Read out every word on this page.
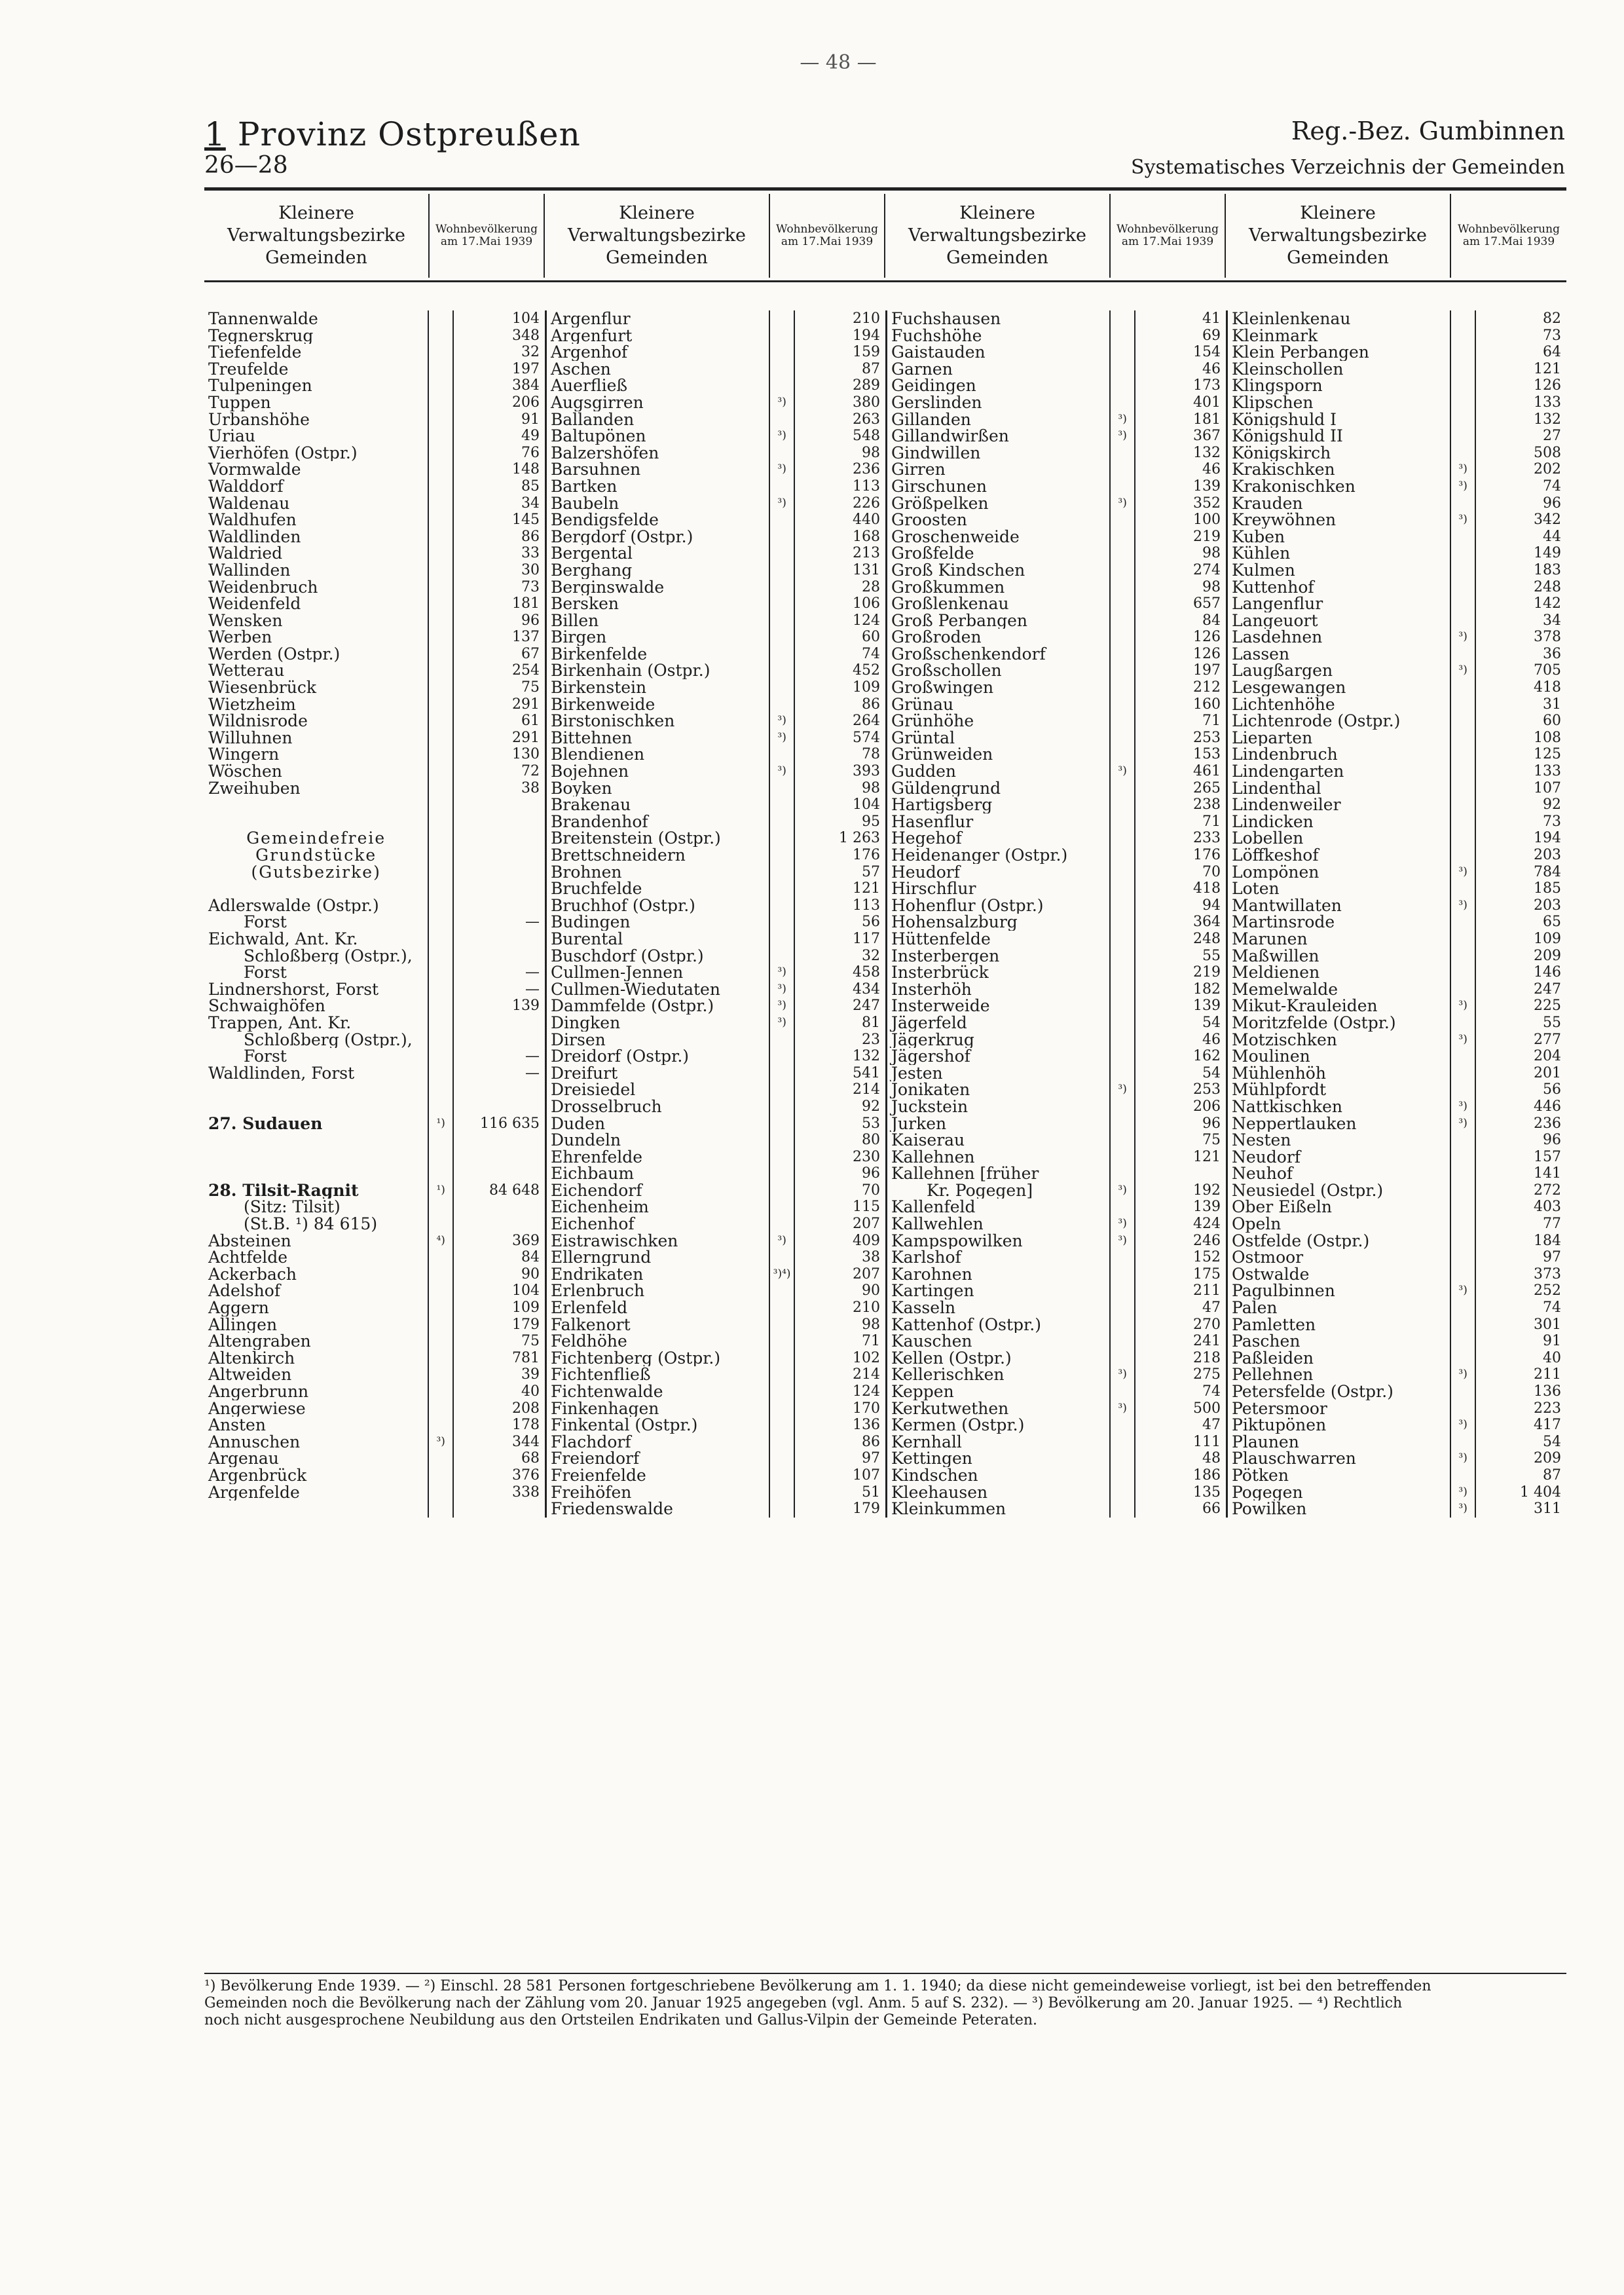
— 48 —
1 Provinz Ostpreußen	Reg.-Bez. Gumbinnen
26—28	Systematisches Verzeichnis der Gemeinden
Kleinere Verwaltungsbezirke Gemeinden
Wohnbevölkerung am 17.Mai 1939
Kleinere Verwaltungsbezirke Gemeinden
Wohnbevölkerung am 17.Mai 1939
Kleinere Verwaltungsbezirke Gemeinden
Wohnbevölkerung am 17.Mai 1939
Kleinere Verwaltungsbezirke Gemeinden
Wohnbevölkerung am 17.Mai 1939
Tannenwalde
Tegnerskrug
Tiefenfelde
Treufelde
Tulpeningen
Tuppen
Urbanshöhe
Uriau
Vierhöfen (Ostpr.)
Vormwalde
Walddorf
Waldenau
Waldhufen
Waldlinden
Waldried
Wallinden
Weidenbruch
Weidenfeld
Wensken
Werben
Werden (Ostpr.)
Wetterau
Wiesenbrück
Wietzheim
Wildnisrode
Willuhnen
Wingern
Wöschen
Zweihuben
Gemeindefreie
Grundstücke
(Gutsbezirke)
Adlerswalde (Ostpr.)
Forst
Eichwald, Ant. Kr.
Schloßberg (Ostpr.),
Forst
Lindnershorst, Forst
Schwaighöfen
Trappen, Ant. Kr.
Schloßberg (Ostpr.),
Forst
Waldlinden, Forst
27. Sudauen
28. Tilsit-Ragnit
(Sitz: Tilsit)
(St.B. ¹) 84 615)
Absteinen
Achtfelde
Ackerbach
Adelshof
Aggern
Allingen
Altengraben
Altenkirch
Altweiden
Angerbrunn
Angerwiese
Ansten
Annuschen
Argenau
Argenbrück
Argenfelde
¹)
¹)
⁴)
³)
104
348
32
197
384
206
91
49
76
148
85
34
145
86
33
30
73
181
96
137
67
254
75
291
61
291
130
72
38
—
—
—
139
—
—
116 635
84 648
369
84
90
104
109
179
75
781
39
40
208
178
344
68
376
338
Argenflur
Argenfurt
Argenhof
Aschen
Auerfließ
Augsgirren
Ballanden
Baltupönen
Balzershöfen
Barsuhnen
Bartken
Baubeln
Bendigsfelde
Bergdorf (Ostpr.)
Bergental
Berghang
Berginswalde
Bersken
Billen
Birgen
Birkenfelde
Birkenhain (Ostpr.)
Birkenstein
Birkenweide
Birstonischken
Bittehnen
Blendienen
Bojehnen
Boyken
Brakenau
Brandenhof
Breitenstein (Ostpr.)
Brettschneidern
Brohnen
Bruchfelde
Bruchhof (Ostpr.)
Budingen
Burental
Buschdorf (Ostpr.)
Cullmen-Jennen
Cullmen-Wiedutaten
Dammfelde (Ostpr.)
Dingken
Dirsen
Dreidorf (Ostpr.)
Dreifurt
Dreisiedel
Drosselbruch
Duden
Dundeln
Ehrenfelde
Eichbaum
Eichendorf
Eichenheim
Eichenhof
Eistrawischken
Ellerngrund
Endrikaten
Erlenbruch
Erlenfeld
Falkenort
Feldhöhe
Fichtenberg (Ostpr.)
Fichtenfließ
Fichtenwalde
Finkenhagen
Finkental (Ostpr.)
Flachdorf
Freiendorf
Freienfelde
Freihöfen
Friedenswalde
³)
³)
³)
³)
³)
³)
³)
³)
³)
³)
³)
³)
³)⁴)
210
194
159
87
289
380
263
548
98
236
113
226
440
168
213
131
28
106
124
60
74
452
109
86
264
574
78
393
98
104
95
1 263
176
57
121
113
56
117
32
458
434
247
81
23
132
541
214
92
53
80
230
96
70
115
207
409
38
207
90
210
98
71
102
214
124
170
136
86
97
107
51
179
Fuchshausen
Fuchshöhe
Gaistauden
Garnen
Geidingen
Gerslinden
Gillanden
Gillandwirßen
Gindwillen
Girren
Girschunen
Größpelken
Groosten
Groschenweide
Großfelde
Groß Kindschen
Großkummen
Großlenkenau
Groß Perbangen
Großroden
Großschenkendorf
Großschollen
Großwingen
Grünau
Grünhöhe
Grüntal
Grünweiden
Gudden
Güldengrund
Hartigsberg
Hasenflur
Hegehof
Heidenanger (Ostpr.)
Heudorf
Hirschflur
Hohenflur (Ostpr.)
Hohensalzburg
Hüttenfelde
Insterbergen
Insterbrück
Insterhöh
Insterweide
Jägerfeld
Jägerkrug
Jägershof
Jesten
Jonikaten
Juckstein
Jurken
Kaiserau
Kallehnen
Kallehnen [früher
Kr. Pogegen]
Kallenfeld
Kallwehlen
Kampspowilken
Karlshof
Karohnen
Kartingen
Kasseln
Kattenhof (Ostpr.)
Kauschen
Kellen (Ostpr.)
Kellerischken
Keppen
Kerkutwethen
Kermen (Ostpr.)
Kernhall
Kettingen
Kindschen
Kleehausen
Kleinkummen
³)
³)
³)
³)
³)
³)
³)
³)
³)
³)
41
69
154
46
173
401
181
367
132
46
139
352
100
219
98
274
98
657
84
126
126
197
212
160
71
253
153
461
265
238
71
233
176
70
418
94
364
248
55
219
182
139
54
46
162
54
253
206
96
75
121
192
139
424
246
152
175
211
47
270
241
218
275
74
500
47
111
48
186
135
66
Kleinlenkenau
Kleinmark
Klein Perbangen
Kleinschollen
Klingsporn
Klipschen
Königshuld I
Königshuld II
Königskirch
Krakischken
Krakonischken
Krauden
Kreywöhnen
Kuben
Kühlen
Kulmen
Kuttenhof
Langenflur
Langeuort
Lasdehnen
Lassen
Laugßargen
Lesgewangen
Lichtenhöhe
Lichtenrode (Ostpr.)
Lieparten
Lindenbruch
Lindengarten
Lindenthal
Lindenweiler
Lindicken
Lobellen
Löffkeshof
Lompönen
Loten
Mantwillaten
Martinsrode
Marunen
Maßwillen
Meldienen
Memelwalde
Mikut-Krauleiden
Moritzfelde (Ostpr.)
Motzischken
Moulinen
Mühlenhöh
Mühlpfordt
Nattkischken
Neppertlauken
Nesten
Neudorf
Neuhof
Neusiedel (Ostpr.)
Ober Eißeln
Opeln
Ostfelde (Ostpr.)
Ostmoor
Ostwalde
Pagulbinnen
Palen
Pamletten
Paschen
Paßleiden
Pellehnen
Petersfelde (Ostpr.)
Petersmoor
Piktupönen
Plaunen
Plauschwarren
Pötken
Pogegen
Powilken
³)
³)
³)
³)
³)
³)
³)
³)
³)
³)
³)
³)
³)
³)
³)
³)
³)
82
73
64
121
126
133
132
27
508
202
74
96
342
44
149
183
248
142
34
378
36
705
418
31
60
108
125
133
107
92
73
194
203
784
185
203
65
109
209
146
247
225
55
277
204
201
56
446
236
96
157
141
272
403
77
184
97
373
252
74
301
91
40
211
136
223
417
54
209
87
1 404
311
¹) Bevölkerung Ende 1939. — ²) Einschl. 28 581 Personen fortgeschriebene Bevölkerung am 1. 1. 1940; da diese nicht gemeindeweise vorliegt, ist bei den betreffenden
Gemeinden noch die Bevölkerung nach der Zählung vom 20. Januar 1925 angegeben (vgl. Anm. 5 auf S. 232). — ³) Bevölkerung am 20. Januar 1925. — ⁴) Rechtlich
noch nicht ausgesprochene Neubildung aus den Ortsteilen Endrikaten und Gallus-Vilpin der Gemeinde Peteraten.
